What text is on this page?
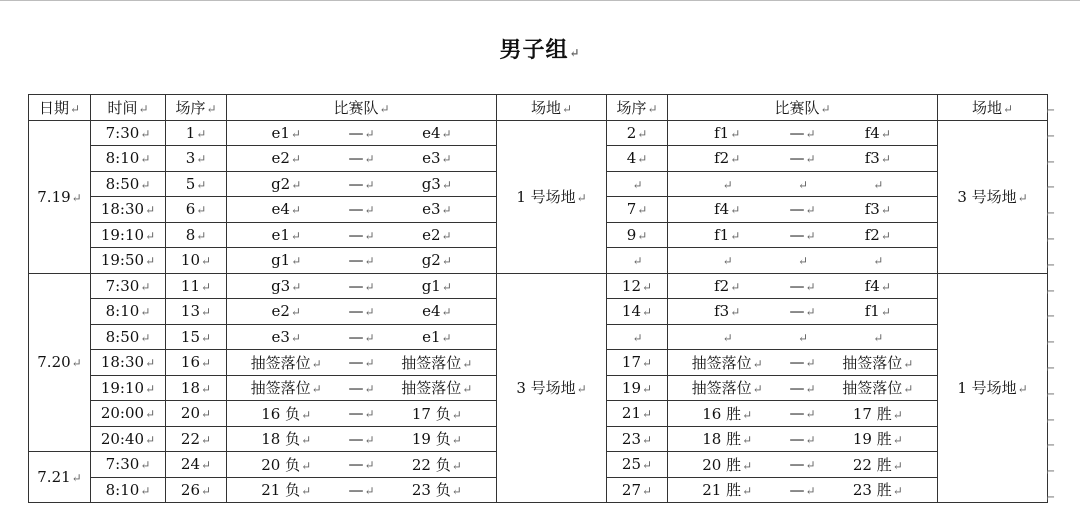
男子组↵
日期↵	时间↵	场序↵	比赛队↵	场地↵	场序↵	比赛队↵	场地↵
7.19↵	7:30↵	1↵	e1↵ —↵ e4↵	1 号场地↵	2↵	f1↵ —↵ f4↵	3 号场地↵
	8:10↵	3↵	e2↵ —↵ e3↵		4↵	f2↵ —↵ f3↵	

	8:50↵	5↵	g2↵ —↵ g3↵		↵	↵ ↵ ↵	

	18:30↵	6↵	e4↵ —↵ e3↵		7↵	f4↵ —↵ f3↵	

	19:10↵	8↵	e1↵ —↵ e2↵		9↵	f1↵ —↵ f2↵	

	19:50↵	10↵	g1↵ —↵ g2↵		↵	↵ ↵ ↵	

7.20↵	7:30↵	11↵	g3↵ —↵ g1↵	3 号场地↵	12↵	f2↵ —↵ f4↵	1 号场地↵
	8:10↵	13↵	e2↵ —↵ e4↵		14↵	f3↵ —↵ f1↵	

	8:50↵	15↵	e3↵ —↵ e1↵		↵	↵ ↵ ↵	

	18:30↵	16↵	抽签落位↵ —↵ 抽签落位↵		17↵	抽签落位↵ —↵ 抽签落位↵	

	19:10↵	18↵	抽签落位↵ —↵ 抽签落位↵		19↵	抽签落位↵ —↵ 抽签落位↵	

	20:00↵	20↵	16 负↵ —↵ 17 负↵		21↵	16 胜↵ —↵ 17 胜↵	

	20:40↵	22↵	18 负↵ —↵ 19 负↵		23↵	18 胜↵ —↵ 19 胜↵	

7.21↵	7:30↵	24↵	20 负↵ —↵ 22 负↵		25↵	20 胜↵ —↵ 22 胜↵	

	8:10↵	26↵	21 负↵ —↵ 23 负↵		27↵	21 胜↵ —↵ 23 胜↵	
⌐
⌐
⌐
⌐
⌐
⌐
⌐
⌐
⌐
⌐
⌐
⌐
⌐
⌐
⌐
⌐
